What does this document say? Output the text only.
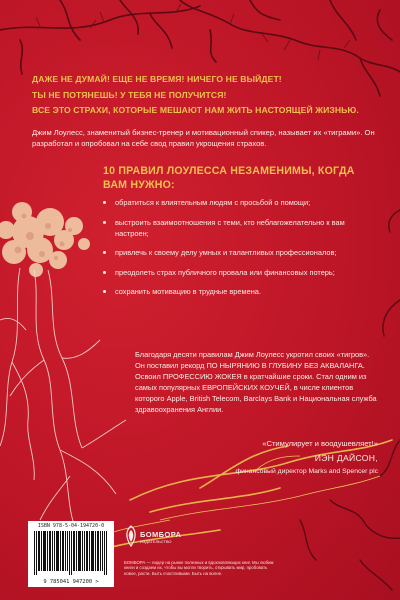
ДАЖЕ НЕ ДУМАЙ! ЕЩЕ НЕ ВРЕМЯ! НИЧЕГО НЕ ВЫЙДЕТ!
ТЫ НЕ ПОТЯНЕШЬ! У ТЕБЯ НЕ ПОЛУЧИТСЯ!
ВСЕ ЭТО СТРАХИ, КОТОРЫЕ МЕШАЮТ НАМ ЖИТЬ НАСТОЯЩЕЙ ЖИЗНЬЮ.
Джим Лоулесс, знаменитый бизнес-тренер и мотивационный спикер, называет их «тиграми». Он разработал и опробовал на себе свод правил укрощения страхов.
10 ПРАВИЛ ЛОУЛЕССА НЕЗАМЕНИМЫ, КОГДА ВАМ НУЖНО:
обратиться к влиятельным людям с просьбой о помощи;
выстроить взаимоотношения с теми, кто неблагожелательно к вам настроен;
привлечь к своему делу умных и талантливых профессионалов;
преодолеть страх публичного провала или финансовых потерь;
сохранить мотивацию в трудные времена.
Благодаря десяти правилам Джим Лоулесс укротил своих «тигров». Он поставил рекорд ПО НЫРЯНИЮ В ГЛУБИНУ БЕЗ АКВАЛАНГА. Освоил ПРОФЕССИЮ ЖОКЕЯ в кратчайшие сроки. Стал одним из самых популярных ЕВРОПЕЙСКИХ КОУЧЕЙ, в числе клиентов которого Apple, British Telecom, Barclays Bank и Национальная служба здравоохранения Англии.
«Стимулирует и воодушевляет!»
ИЭН ДАЙСОН,
финансовый директор Marks and Spencer plc
ISBN 978-5-04-194720-0
9 785041 947200 >
БОМБОРА
ИЗДАТЕЛЬСТВО
БОМБОРА — лидер на рынке полезных и вдохновляющих книг. Мы любим книги и создаем их, чтобы вы могли творить, открывать мир, пробовать новое, расти. Быть счастливыми. Быть на волне.
